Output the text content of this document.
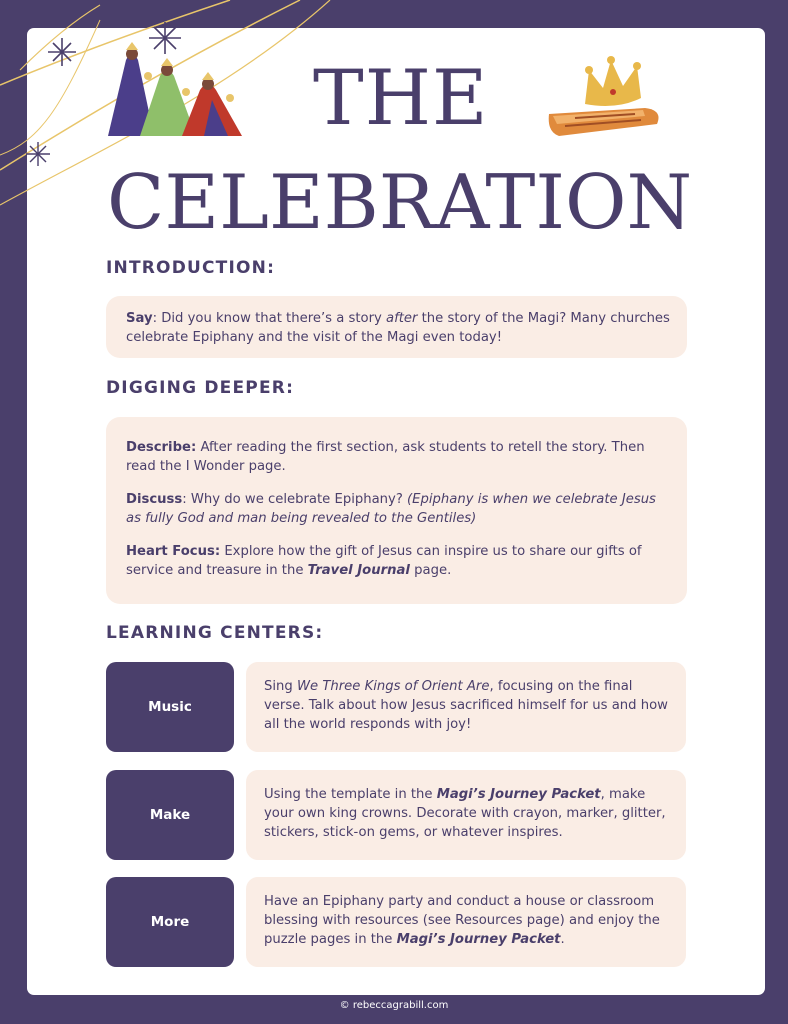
THE
CELEBRATION
INTRODUCTION:

Say: Did you know that there’s a story after the story of the Magi? Many churches celebrate Epiphany and the visit of the Magi even today!

DIGGING DEEPER:

Describe: After reading the first section, ask students to retell the story. Then read the I Wonder page.

Discuss: Why do we celebrate Epiphany? (Epiphany is when we celebrate Jesus as fully God and man being revealed to the Gentiles)

Heart Focus: Explore how the gift of Jesus can inspire us to share our gifts of service and treasure in the Travel Journal page.

LEARNING CENTERS:
Music
Sing We Three Kings of Orient Are, focusing on the final verse. Talk about how Jesus sacrificed himself for us and how all the world responds with joy!
Make
Using the template in the Magi’s Journey Packet, make your own king crowns. Decorate with crayon, marker, glitter, stickers, stick-on gems, or whatever inspires.
More
Have an Epiphany party and conduct a house or classroom blessing with resources (see Resources page) and enjoy the puzzle pages in the Magi’s Journey Packet.
© rebeccagrabill.com
